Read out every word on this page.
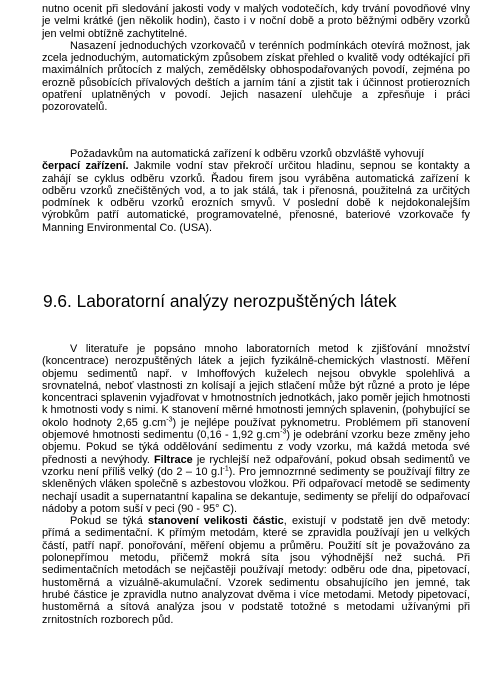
nutno ocenit při sledování jakosti vody v malých vodotečích, kdy trvání povodňové vlny je velmi krátké (jen několik hodin), často i v noční době a proto běžnými odběry vzorků jen velmi obtížně zachytitelné.

Nasazení jednoduchých vzorkovačů v terénních podmínkách otevírá možnost, jak zcela jednoduchým, automatickým způsobem získat přehled o kvalitě vody odtékající při maximálních průtocích z malých, zemědělsky obhospodařovaných povodí, zejména po erozně působících přívalových deštích a jarním tání a zjistit tak i účinnost protierozních opatření uplatněných v povodí. Jejich nasazení ulehčuje a zpřesňuje i práci pozorovatelů.

Požadavkům na automatická zařízení k odběru vzorků obzvláště vyhovují
čerpací zařízení. Jakmile vodní stav překročí určitou hladinu, sepnou se kontakty a zahájí se cyklus odběru vzorků. Řadou firem jsou vyráběna automatická zařízení k odběru vzorků znečištěných vod, a to jak stálá, tak i přenosná, použitelná za určitých podmínek k odběru vzorků erozních smyvů. V poslední době k nejdokonalejším výrobkům patří automatické, programovatelné, přenosné, bateriové vzorkovače fy Manning Environmental Co. (USA).

9.6. Laboratorní analýzy nerozpuštěných látek

V literatuře je popsáno mnoho laboratorních metod k zjišťování množství (koncentrace) nerozpuštěných látek a jejich fyzikálně-chemických vlastností. Měření objemu sedimentů např. v Imhoffových kuželech nejsou obvykle spolehlivá a srovnatelná, neboť vlastnosti zn kolísají a jejich stlačení může být různé a proto je lépe koncentraci splavenin vyjadřovat v hmotnostních jednotkách, jako poměr jejich hmotnosti k hmotnosti vody s nimi. K stanovení měrné hmotnosti jemných splavenin, (pohybující se okolo hodnoty 2,65 $g.cm^{-3}$) je nejlépe používat pyknometru. Problémem při stanovení objemové hmotnosti sedimentu (0,16 - 1,92 $g.cm^{-3}$) je odebrání vzorku beze změny jeho objemu. Pokud se týká oddělování sedimentu z vody vzorku, má každá metoda své přednosti a nevýhody. Filtrace je rychlejší než odpařování, pokud obsah sedimentů ve vzorku není příliš velký (do 2 – 10 $g.l^{-1}$). Pro jemnozrnné sedimenty se používají filtry ze skleněných vláken společně s azbestovou vložkou. Při odpařovací metodě se sedimenty nechají usadit a supernatantní kapalina se dekantuje, sedimenty se přelijí do odpařovací nádoby a potom suší v peci (90 - 95° C).

Pokud se týká stanovení velikosti částic, existují v podstatě jen dvě metody: přímá a sedimentační. K přímým metodám, které se zpravidla používají jen u velkých částí, patří např. ponořování, měření objemu a průměru. Použití sít je považováno za polonepřímou metodu, přičemž mokrá síta jsou výhodnější než suchá. Při sedimentačních metodách se nejčastěji používají metody: odběru ode dna, pipetovací, hustoměrná a vizuálně-akumulační. Vzorek sedimentu obsahujícího jen jemné, tak hrubé částice je zpravidla nutno analyzovat dvěma i více metodami. Metody pipetovací, hustoměrná a sítová analýza jsou v podstatě totožné s metodami užívanými při zrnitostních rozborech půd.
